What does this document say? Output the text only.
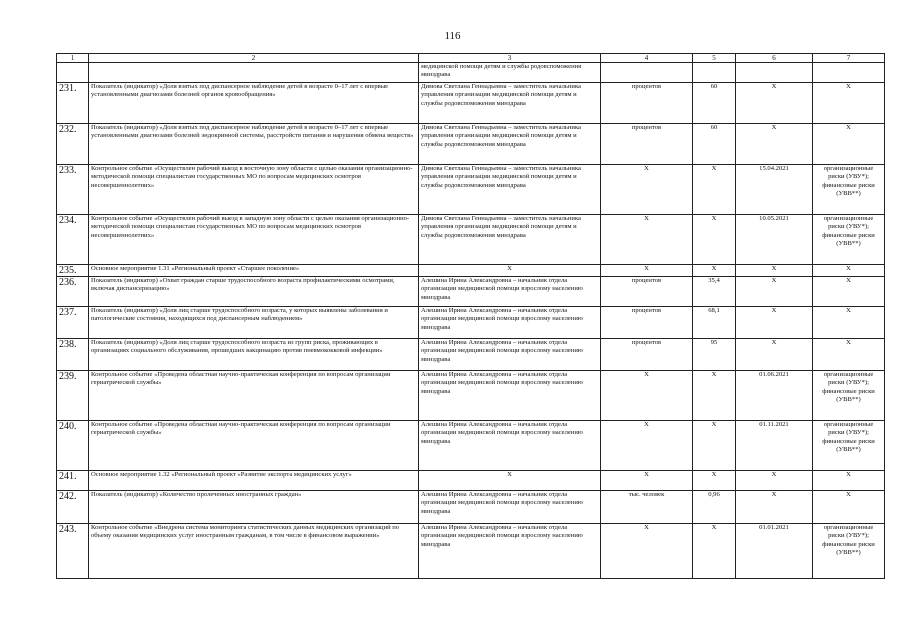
116
1	2	3	4	5	6	7
		медицинской помощи детям и службы родовспоможения минздрава				
231.	Показатель (индикатор) «Доля взятых под диспансерное наблюдение детей в возрасте 0–17 лет с впервые установленными диагнозами болезней органов кровообращения»	Димова Светлана Геннадьевна – заместитель начальника управления организации медицинской помощи детям и службы родовспоможения минздрава	процентов	60	X	X
232.	Показатель (индикатор) «Доля взятых под диспансерное наблюдение детей в возрасте 0–17 лет с впервые установленными диагнозами болезней эндокринной системы, расстройств питания и нарушения обмена веществ»	Димова Светлана Геннадьевна – заместитель начальника управления организации медицинской помощи детям и службы родовспоможения минздрава	процентов	60	X	X
233.	Контрольное событие «Осуществлен рабочий выезд в восточную зону области с целью оказания организационно-методической помощи специалистам государственных МО по вопросам медицинских осмотров несовершеннолетних»	Димова Светлана Геннадьевна – заместитель начальника управления организации медицинской помощи детям и службы родовспоможения минздрава	X	X	15.04.2021	организационные риски (УВУ*); финансовые риски (УВВ**)
234.	Контрольное событие «Осуществлен рабочий выезд в западную зону области с целью оказания организационно-методической помощи специалистам государственных МО по вопросам медицинских осмотров несовершеннолетних»	Димова Светлана Геннадьевна – заместитель начальника управления организации медицинской помощи детям и службы родовспоможения минздрава	X	X	10.05.2021	организационные риски (УВУ*); финансовые риски (УВВ**)
235.	Основное мероприятие 1.31 «Региональный проект «Старшее поколение»	X	X	X	X	X
236.	Показатель (индикатор) «Охват граждан старше трудоспособного возраста профилактическими осмотрами, включая диспансеризацию»	Алешина Ирина Александровна – начальник отдела организации медицинской помощи взрослому населению минздрава	процентов	35,4	X	X
237.	Показатель (индикатор) «Доля лиц старше трудоспособного возраста, у которых выявлены заболевания и патологические состояния, находящихся под диспансерным наблюдением»	Алешина Ирина Александровна – начальник отдела организации медицинской помощи взрослому населению минздрава	процентов	68,1	X	X
238.	Показатель (индикатор) «Доля лиц старше трудоспособного возраста из групп риска, проживающих в организациях социального обслуживания, прошедших вакцинацию против пневмококковой инфекции»	Алешина Ирина Александровна – начальник отдела организации медицинской помощи взрослому населению минздрава	процентов	95	X	X
239.	Контрольное событие «Проведена областная научно-практическая конференция по вопросам организации гериатрической службы»	Алешина Ирина Александровна – начальник отдела организации медицинской помощи взрослому населению минздрава	X	X	01.06.2021	организационные риски (УВУ*); финансовые риски (УВВ**)
240.	Контрольное событие «Проведена областная научно-практическая конференция по вопросам организации гериатрической службы»	Алешина Ирина Александровна – начальник отдела организации медицинской помощи взрослому населению минздрава	X	X	01.11.2021	организационные риски (УВУ*); финансовые риски (УВВ**)
241.	Основное мероприятие 1.32 «Региональный проект «Развитие экспорта медицинских услуг»	X	X	X	X	X
242.	Показатель (индикатор) «Количество пролеченных иностранных граждан»	Алешина Ирина Александровна – начальник отдела организации медицинской помощи взрослому населению минздрава	тыс. человек	0,96	X	X
243.	Контрольное событие «Внедрена система мониторинга статистических данных медицинских организаций по объему оказания медицинских услуг иностранным гражданам, в том числе в финансовом выражении»	Алешина Ирина Александровна – начальник отдела организации медицинской помощи взрослому населению минздрава	X	X	01.01.2021	организационные риски (УВУ*); финансовые риски (УВВ**)
